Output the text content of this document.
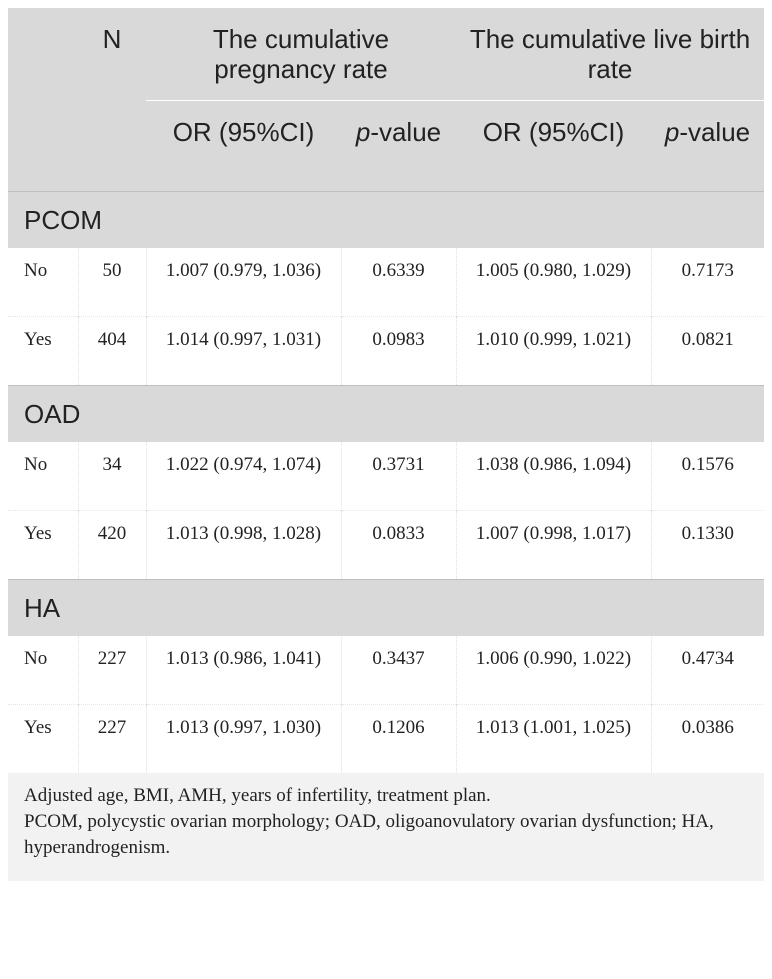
	N	The cumulative pregnancy rate		The cumulative live birth rate	
		OR (95%CI)	p-value	OR (95%CI)	p-value
PCOM					
No	50	1.007 (0.979, 1.036)	0.6339	1.005 (0.980, 1.029)	0.7173
Yes	404	1.014 (0.997, 1.031)	0.0983	1.010 (0.999, 1.021)	0.0821
OAD					
No	34	1.022 (0.974, 1.074)	0.3731	1.038 (0.986, 1.094)	0.1576
Yes	420	1.013 (0.998, 1.028)	0.0833	1.007 (0.998, 1.017)	0.1330
HA					
No	227	1.013 (0.986, 1.041)	0.3437	1.006 (0.990, 1.022)	0.4734
Yes	227	1.013 (0.997, 1.030)	0.1206	1.013 (1.001, 1.025)	0.0386

Adjusted age, BMI, AMH, years of infertility, treatment plan.
PCOM, polycystic ovarian morphology; OAD, oligoanovulatory ovarian dysfunction; HA, hyperandrogenism.					
